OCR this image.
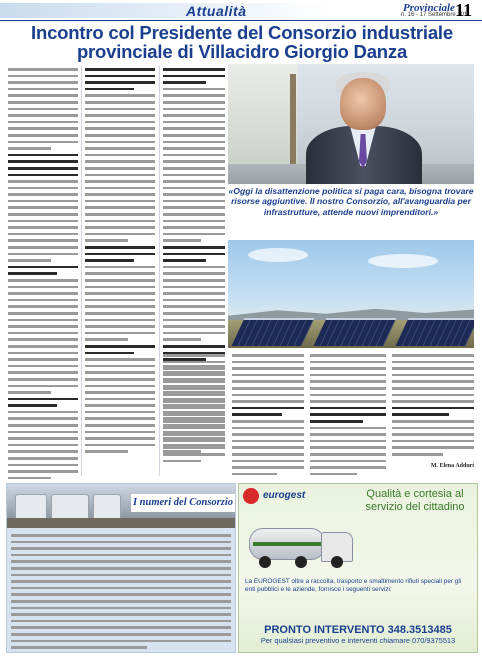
Attualità	Provinciale
n. 16 - 17 Settembre 2011
11
Incontro col Presidente del Consorzio industriale provinciale di Villacidro Giorgio Danza
«Oggi la disattenzione politica si paga cara, bisogna trovare risorse aggiuntive. Il nostro Consorzio, all'avanguardia per infrastrutture, attende nuovi imprenditori.»
M. Elena Adduri
I numeri del Consorzio
eurogest	Qualità e cortesia al servizio del cittadino
La EUROGEST oltre a raccolta, trasporto e smaltimento rifiuti speciali per gli enti pubblici e le aziende, fornisce i seguenti servizi:
PRONTO INTERVENTO 348.3513485
Per qualsiasi preventivo e interventi chiamare 070/9375513
